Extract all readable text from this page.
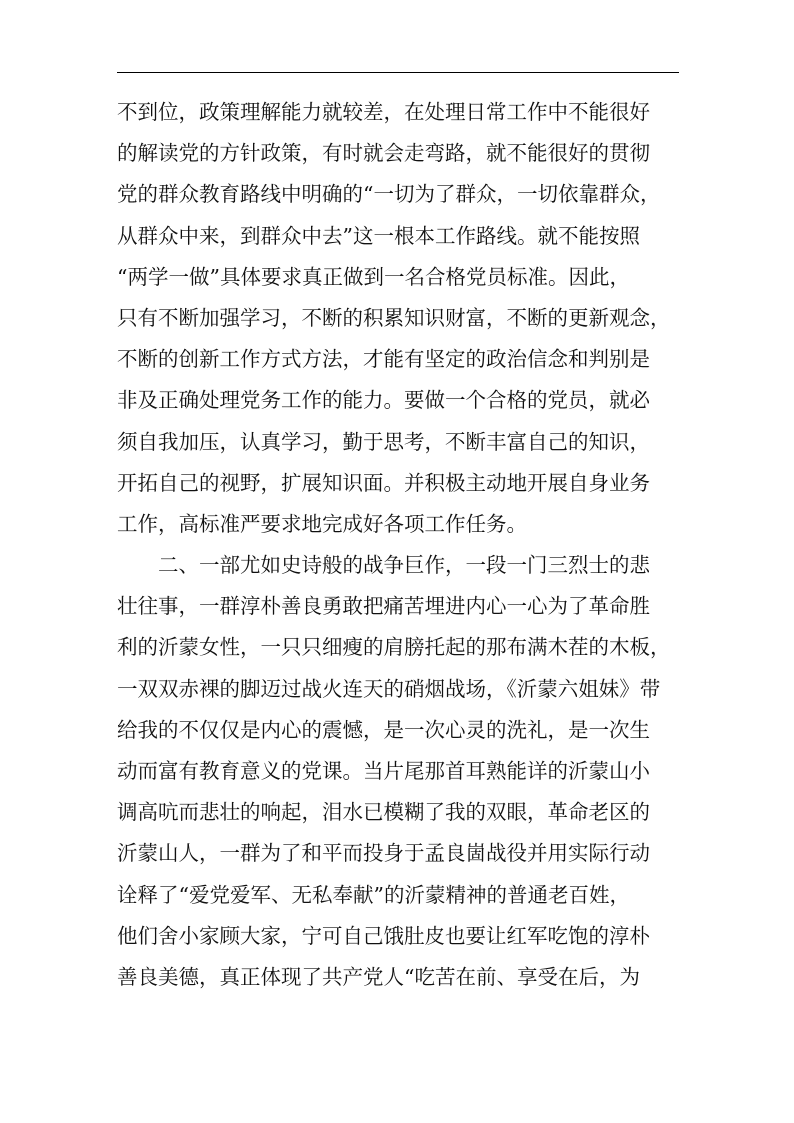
不到位，政策理解能力就较差，在处理日常工作中不能很好
的解读党的方针政策，有时就会走弯路，就不能很好的贯彻
党的群众教育路线中明确的“一切为了群众，一切依靠群众，
从群众中来，到群众中去”这一根本工作路线。就不能按照
“两学一做”具体要求真正做到一名合格党员标准。因此，
只有不断加强学习，不断的积累知识财富，不断的更新观念，
不断的创新工作方式方法，才能有坚定的政治信念和判别是
非及正确处理党务工作的能力。要做一个合格的党员，就必
须自我加压，认真学习，勤于思考，不断丰富自己的知识，
开拓自己的视野，扩展知识面。并积极主动地开展自身业务
工作，高标准严要求地完成好各项工作任务。
　　二、一部尤如史诗般的战争巨作，一段一门三烈士的悲
壮往事，一群淳朴善良勇敢把痛苦埋进内心一心为了革命胜
利的沂蒙女性，一只只细瘦的肩膀托起的那布满木茬的木板，
一双双赤裸的脚迈过战火连天的硝烟战场，《沂蒙六姐妹》带
给我的不仅仅是内心的震憾，是一次心灵的洗礼，是一次生
动而富有教育意义的党课。当片尾那首耳熟能详的沂蒙山小
调高吭而悲壮的响起，泪水已模糊了我的双眼，革命老区的
沂蒙山人，一群为了和平而投身于孟良崮战役并用实际行动
诠释了“爱党爱军、无私奉献”的沂蒙精神的普通老百姓，
他们舍小家顾大家，宁可自己饿肚皮也要让红军吃饱的淳朴
善良美德，真正体现了共产党人“吃苦在前、享受在后，为
